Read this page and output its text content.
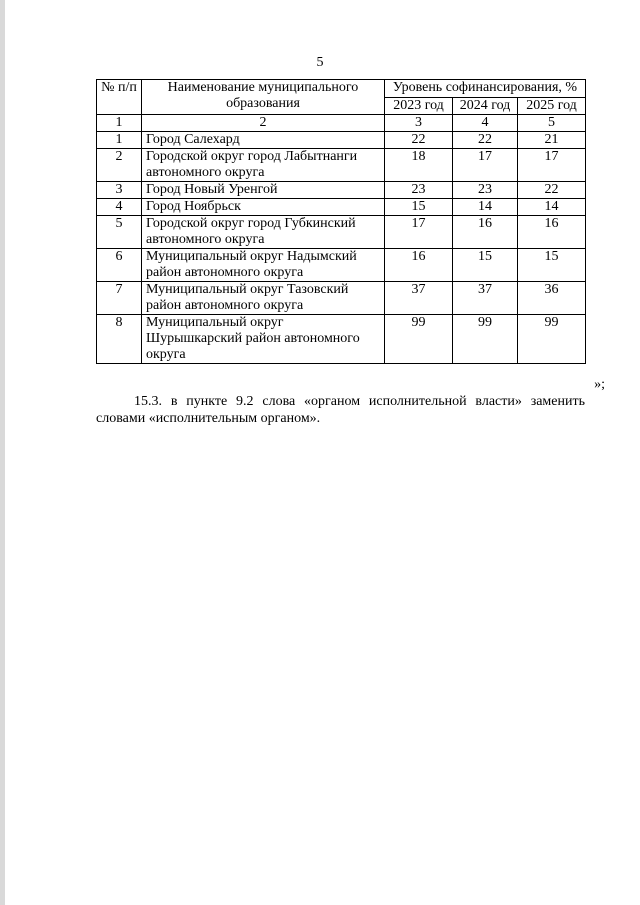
5
№ п/п	Наименование муниципального образования	Уровень софинансирования, %		
		2023 год	2024 год	2025 год
1	2	3	4	5
1	Город Салехард	22	22	21
2	Городской округ город Лабытнанги автономного округа	18	17	17
3	Город Новый Уренгой	23	23	22
4	Город Ноябрьск	15	14	14
5	Городской округ город Губкинский автономного округа	17	16	16
6	Муниципальный округ Надымский район автономного округа	16	15	15
7	Муниципальный округ Тазовский район автономного округа	37	37	36
8	Муниципальный округ Шурышкарский район автономного округа	99	99	99
»;
15.3. в пункте 9.2 слова «органом исполнительной власти» заменить
словами «исполнительным органом».
